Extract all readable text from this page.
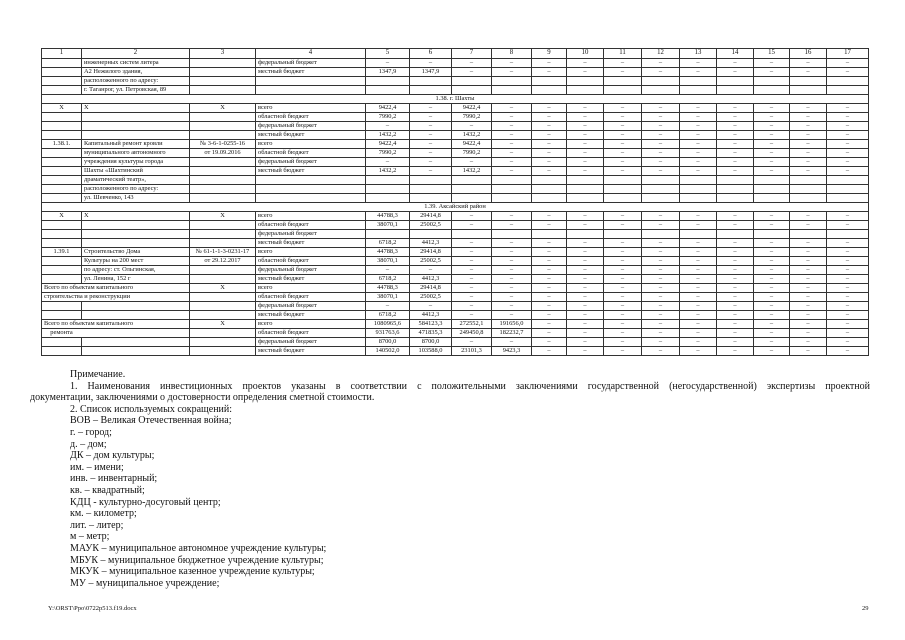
1	2	3	4	5	6	7	8	9	10	11	12	13	14	15	16	17
	инженерных систем литера		федеральный бюджет	–	–	–	–	–	–	–	–	–	–	–	–	–
	А2 Нежилого здания,		местный бюджет	1347,9	1347,9	–	–	–	–	–	–	–	–	–	–	–
	расположенного по адресу:															
	г. Таганрог, ул. Петровская, 89															
1.38. г. Шахты																
Х	Х	Х	всего	9422,4	–	9422,4	–	–	–	–	–	–	–	–	–	–
			областной бюджет	7990,2	–	7990,2	–	–	–	–	–	–	–	–	–	–
			федеральный бюджет	–	–	–	–	–	–	–	–	–	–	–	–	–
			местный бюджет	1432,2	–	1432,2	–	–	–	–	–	–	–	–	–	–
1.38.1.	Капитальный ремонт кровли	№ 3-6-1-0255-16	всего	9422,4	–	9422,4	–	–	–	–	–	–	–	–	–	–
	муниципального автономного	от 19.09.2016	областной бюджет	7990,2	–	7990,2	–	–	–	–	–	–	–	–	–	–
	учреждения культуры города		федеральный бюджет	–	–	–	–	–	–	–	–	–	–	–	–	–
	Шахты «Шахтинский		местный бюджет	1432,2	–	1432,2	–	–	–	–	–	–	–	–	–	–
	драматический театр»,															
	расположенного по адресу:															
	ул. Шевченко, 143															
1.39. Аксайский район																
Х	Х	Х	всего	44788,3	29414,8	–	–	–	–	–	–	–	–	–	–	–
			областной бюджет	38070,1	25002,5	–	–	–	–	–	–	–	–	–	–	–
			федеральный бюджет													
			местный бюджет	6718,2	4412,3	–	–	–	–	–	–	–	–	–	–	–
1.39.1	Строительство Дома	№ 61-1-1-3-0231-17	всего	44788,3	29414,8	–	–	–	–	–	–	–	–	–	–	–
	Культуры на 200 мест	от 29.12.2017	областной бюджет	38070,1	25002,5	–	–	–	–	–	–	–	–	–	–	–
	по адресу: ст. Ольгинская,		федеральный бюджет	–	–	–	–	–	–	–	–	–	–	–	–	–
	ул. Ленина, 152 г		местный бюджет	6718,2	4412,3	–	–	–	–	–	–	–	–	–	–	–
Всего по объектам капитального		Х	всего	44788,3	29414,8	–	–	–	–	–	–	–	–	–	–	–
строительства и реконструкции			областной бюджет	38070,1	25002,5	–	–	–	–	–	–	–	–	–	–	–
			федеральный бюджет	–	–	–	–	–	–	–	–	–	–	–	–	–
			местный бюджет	6718,2	4412,3	–	–	–	–	–	–	–	–	–	–	–
Всего по объектам капитального		Х	всего	1080965,6	584123,3	272552,1	191656,0	–	–	–	–	–	–	–	–	–
ремонта			областной бюджет	931763,6	471835,3	249450,8	182232,7	–	–	–	–	–	–	–	–	–
			федеральный бюджет	8700,0	8700,0	–	–	–	–	–	–	–	–	–	–	–
			местный бюджет	140502,0	103588,0	23101,3	9423,3	–	–	–	–	–	–	–	–	–
Примечание.
1. Наименования инвестиционных проектов указаны в соответствии с положительными заключениями государственной (негосударственной) экспертизы проектной
документации, заключениями о достоверности определения сметной стоимости.
2. Список используемых сокращений:
ВОВ – Великая Отечественная война;
г. – город;
д. – дом;
ДК – дом культуры;
им. – имени;
инв. – инвентарный;
кв. – квадратный;
КДЦ - культурно-досуговый центр;
км. – километр;
лит. – литер;
м – метр;
МАУК – муниципальное автономное учреждение культуры;
МБУК – муниципальное бюджетное учреждение культуры;
МКУК – муниципальное казенное учреждение культуры;
МУ – муниципальное учреждение;
Y:\ORST\Ppo\0722p513.f19.docx	29
